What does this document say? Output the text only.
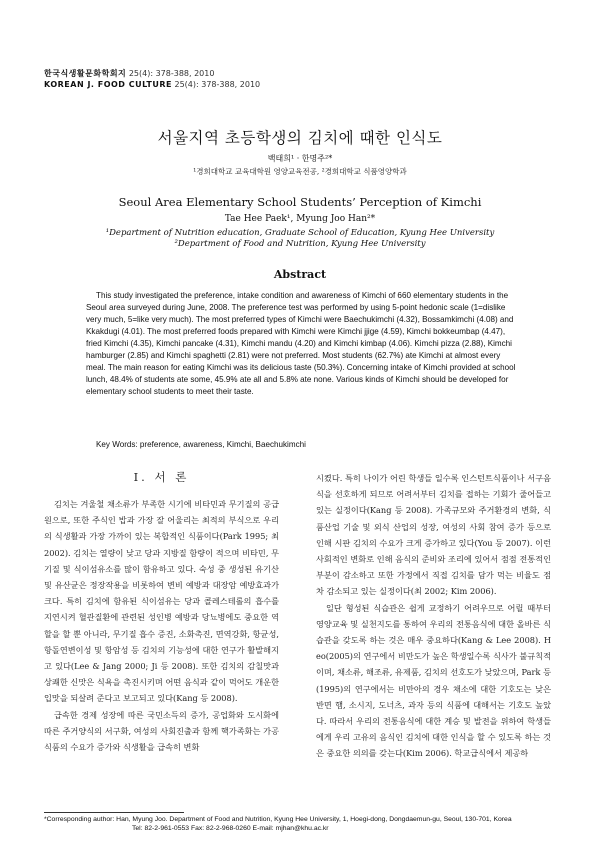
한국식생활문화학회지 25(4): 378-388, 2010
KOREAN J. FOOD CULTURE 25(4): 378-388, 2010
서울지역 초등학생의 김치에 때한 인식도
백태희¹ · 한명주²*
¹경희대학교 교육대학원 영양교육전공, ²경희대학교 식품영양학과
Seoul Area Elementary School Students’ Perception of Kimchi
Tae Hee Paek¹, Myung Joo Han²*
¹Department of Nutrition education, Graduate School of Education, Kyung Hee University
²Department of Food and Nutrition, Kyung Hee University
Abstract
This study investigated the preference, intake condition and awareness of Kimchi of 660 elementary students in the Seoul area surveyed during June, 2008. The preference test was performed by using 5-point hedonic scale (1=dislike very much, 5=like very much). The most preferred types of Kimchi were Baechukimchi (4.32), Bossamkimchi (4.08) and Kkakdugi (4.01). The most preferred foods prepared with Kimchi were Kimchi jjige (4.59), Kimchi bokkeumbap (4.47), fried Kimchi (4.35), Kimchi pancake (4.31), Kimchi mandu (4.20) and Kimchi kimbap (4.06). Kimchi pizza (2.88), Kimchi hamburger (2.85) and Kimchi spaghetti (2.81) were not preferred. Most students (62.7%) ate Kimchi at almost every meal. The main reason for eating Kimchi was its delicious taste (50.3%). Concerning intake of Kimchi provided at school lunch, 48.4% of students ate some, 45.9% ate all and 5.8% ate none. Various kinds of Kimchi should be developed for elementary school students to meet their taste.
Key Words: preference, awareness, Kimchi, Baechukimchi
I. 서 론

김치는 겨울철 채소류가 부족한 시기에 비타민과 무기질의 공급원으로, 또한 주식인 밥과 가장 잘 어울리는 최적의 부식으로 우리의 식생활과 가장 가까이 있는 복합적인 식품이다(Park 1995; 최 2002). 김치는 열량이 낮고 당과 지방질 함량이 적으며 비타민, 무기질 및 식이섬유소를 많이 함유하고 있다. 숙성 중 생성된 유기산 및 유산균은 정장작용을 비롯하여 변비 예방과 대장암 예방효과가 크다. 특히 김치에 함유된 식이섬유는 당과 콜레스테롤의 흡수를 지연시켜 혈관질환에 관련된 성인병 예방과 당뇨병에도 중요한 역할을 할 뿐 아니라, 무기질 흡수 증진, 소화촉진, 면역강화, 항균성, 항돌연변이성 및 항암성 등 김치의 기능성에 대한 연구가 활발해지고 있다(Lee & Jang 2000; Ji 등 2008). 또한 김치의 감칠맛과 상쾌한 신맛은 식욕을 촉진시키며 어떤 음식과 같이 먹어도 개운한 입맛을 되살려 준다고 보고되고 있다(Kang 등 2008).

급속한 경제 성장에 따른 국민소득의 증가, 공업화와 도시화에 따른 주거양식의 서구화, 여성의 사회진출과 함께 핵가족화는 가공식품의 수요가 증가와 식생활을 급속히 변화

시켰다. 특히 나이가 어린 학생들 일수록 인스턴트식품이나 서구음식을 선호하게 되므로 어려서부터 김치를 접하는 기회가 줄어들고 있는 실정이다(Kang 등 2008). 가족규모와 주거환경의 변화, 식품산업 기술 및 외식 산업의 성장, 여성의 사회 참여 증가 등으로 인해 시판 김치의 수요가 크게 증가하고 있다(You 등 2007). 이런 사회적인 변화로 인해 음식의 준비와 조리에 있어서 점점 전통적인 부분이 감소하고 또한 가정에서 직접 김치를 담가 먹는 비율도 점차 감소되고 있는 실정이다(최 2002; Kim 2006).

일단 형성된 식습관은 쉽게 교정하기 어려우므로 어릴 때부터 영양교육 및 실천지도를 통하여 우리의 전통음식에 대한 올바른 식습관을 갖도록 하는 것은 매우 중요하다(Kang & Lee 2008). Heo(2005)의 연구에서 비만도가 높은 학생일수록 식사가 불규칙적이며, 채소류, 해조류, 유제품, 김치의 선호도가 낮았으며, Park 등(1995)의 연구에서는 비만아의 경우 채소에 대한 기호도는 낮은 반면 햄, 소시지, 도너츠, 과자 등의 식품에 대해서는 기호도 높았다. 따라서 우리의 전통음식에 대한 계승 및 발전을 위하여 학생들에게 우리 고유의 음식인 김치에 대한 인식을 할 수 있도록 하는 것은 중요한 의의를 갖는다(Kim 2006). 학교급식에서 제공하

*Corresponding author: Han, Myung Joo. Department of Food and Nutrition, Kyung Hee University, 1, Hoegi-dong, Dongdaemun-gu, Seoul, 130-701, Korea
Tel: 82-2-961-0553 Fax: 82-2-968-0260 E-mail: mjhan@khu.ac.kr
